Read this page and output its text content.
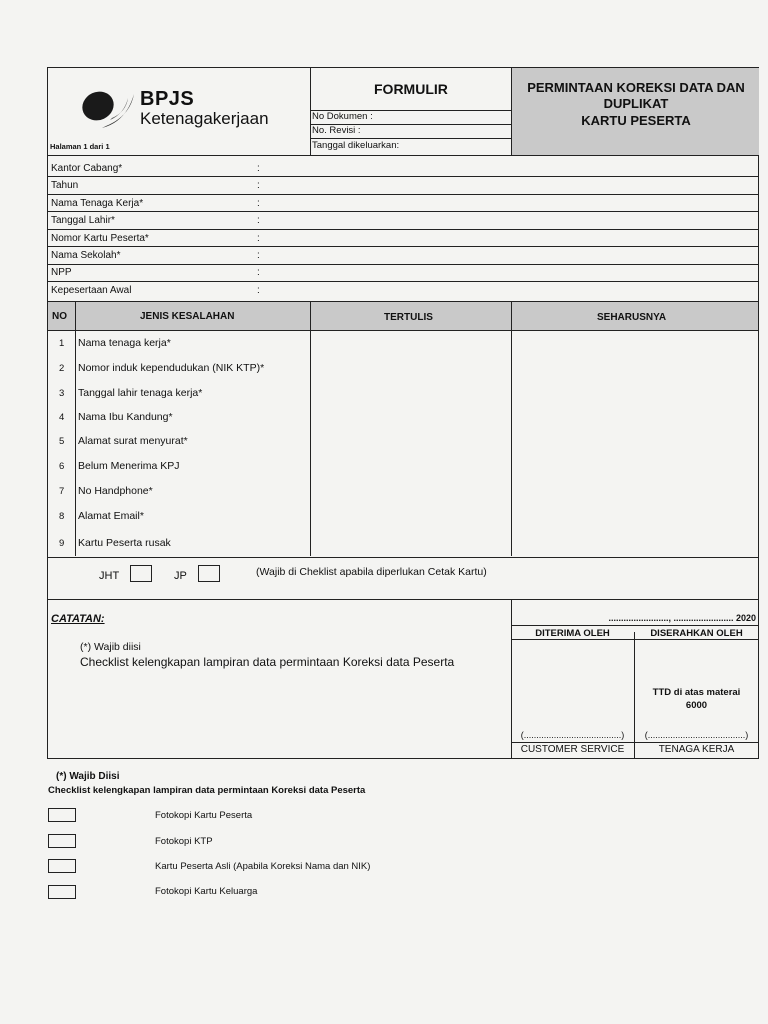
BPJS
Ketenagakerjaan
Halaman 1 dari 1
FORMULIR
No Dokumen :
No. Revisi :
Tanggal dikeluarkan:
PERMINTAAN KOREKSI DATA DAN
DUPLIKAT
KARTU PESERTA
Kantor Cabang*	:
Tahun	:
Nama Tenaga Kerja*	:
Tanggal Lahir*	:
Nomor Kartu Peserta*	:
Nama Sekolah*	:
NPP	:
Kepesertaan Awal	:
NO	JENIS KESALAHAN	TERTULIS	SEHARUSNYA
1 Nama tenaga kerja*
2 Nomor induk kependudukan (NIK KTP)*
3 Tanggal lahir tenaga kerja*
4 Nama Ibu Kandung*
5 Alamat surat menyurat*
6 Belum Menerima KPJ
7 No Handphone*
8 Alamat Email*
9 Kartu Peserta rusak
JHT	JP	(Wajib di Cheklist apabila diperlukan Cetak Kartu)
CATATAN:
(*) Wajib diisi
Checklist kelengkapan lampiran data permintaan Koreksi data Peserta
........................, ........................ 2020
DITERIMA OLEH	DISERAHKAN OLEH
TTD di atas materai
6000
(.......................................)	(.......................................)
CUSTOMER SERVICE	TENAGA KERJA
(*) Wajib Diisi
Checklist kelengkapan lampiran data permintaan Koreksi data Peserta
Fotokopi Kartu Peserta
Fotokopi KTP
Kartu Peserta Asli (Apabila Koreksi Nama dan NIK)
Fotokopi Kartu Keluarga
